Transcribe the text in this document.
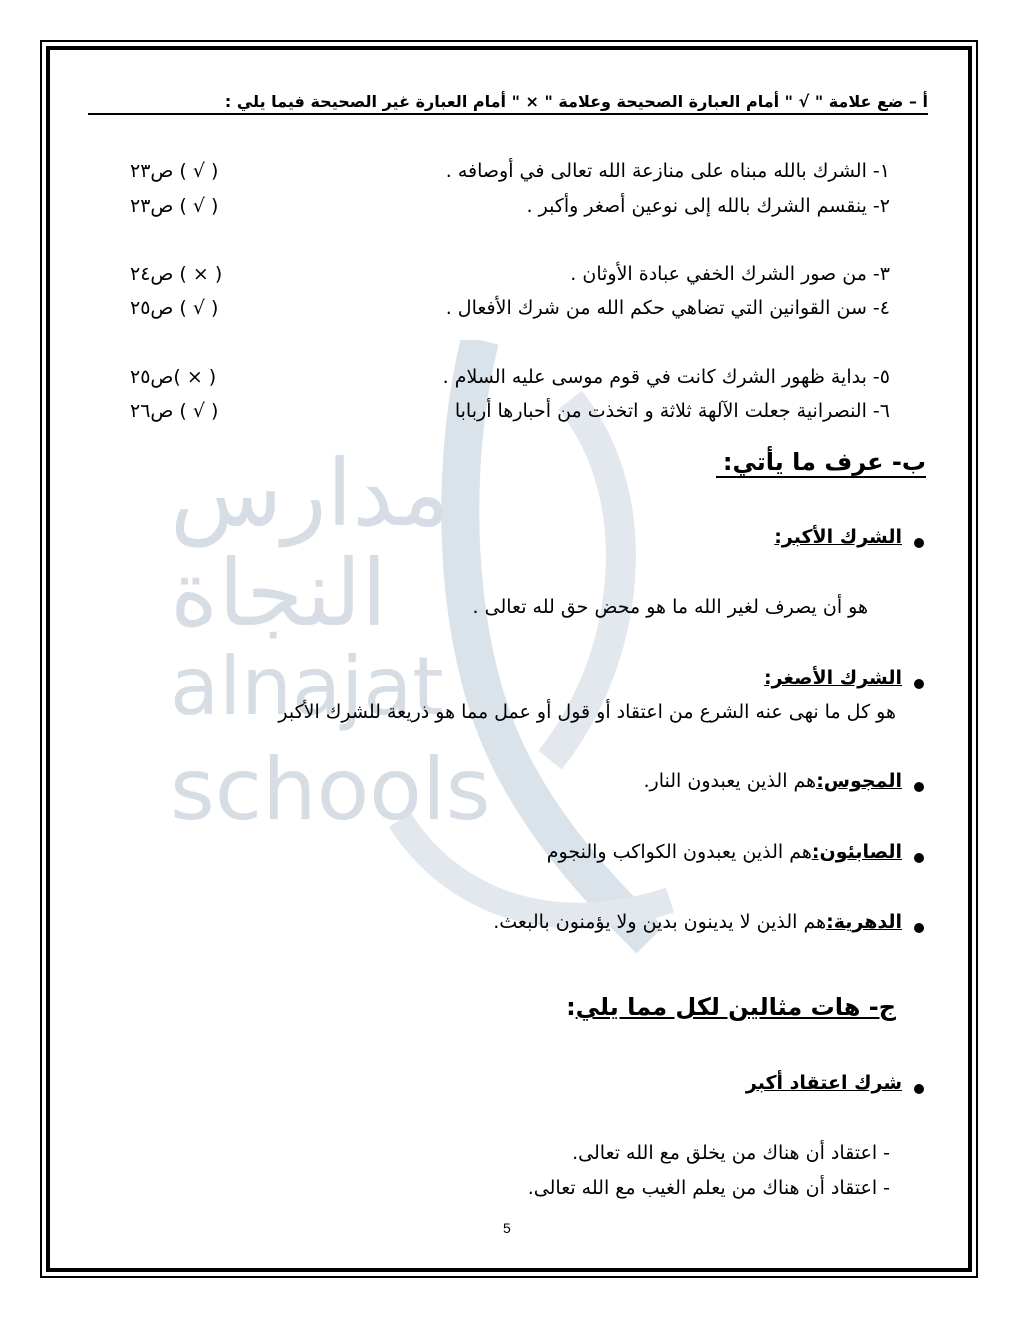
مدارس
النجاة
alnajat
schools
أ – ضع علامة " √ " أمام العبارة الصحيحة وعلامة " × " أمام العبارة غير الصحيحة فيما يلي :
١- الشرك بالله مبناه على منازعة الله تعالى في أوصافه .
( √ ) ص٢٣
٢- ينقسم الشرك بالله إلى نوعين أصغر وأكبر .
( √ ) ص٢٣
٣- من صور الشرك الخفي عبادة الأوثان .
( × ) ص٢٤
٤- سن القوانين التي تضاهي حكم الله من شرك الأفعال .
( √ ) ص٢٥
٥- بداية ظهور الشرك كانت في قوم موسى عليه السلام .
( × )ص٢٥
٦- النصرانية جعلت الآلهة ثلاثة و اتخذت من أحبارها أربابا
( √ ) ص٢٦
ب- عرف ما يأتي:
الشرك الأكبر:
هو أن يصرف لغير الله ما هو محض حق لله تعالى .
الشرك الأصغر:
هو كل ما نهى عنه الشرع من اعتقاد أو قول أو عمل مما هو ذريعة للشرك الأكبر
المجوس:هم الذين يعبدون النار.
الصابئون:هم الذين يعبدون الكواكب والنجوم
الدهرية:هم الذين لا يدينون بدين ولا يؤمنون بالبعث.
ج- هات مثالين لكل مما يلي:
شرك اعتقاد أكبر
- اعتقاد أن هناك من يخلق مع الله تعالى.
- اعتقاد أن هناك من يعلم الغيب مع الله تعالى.
5
